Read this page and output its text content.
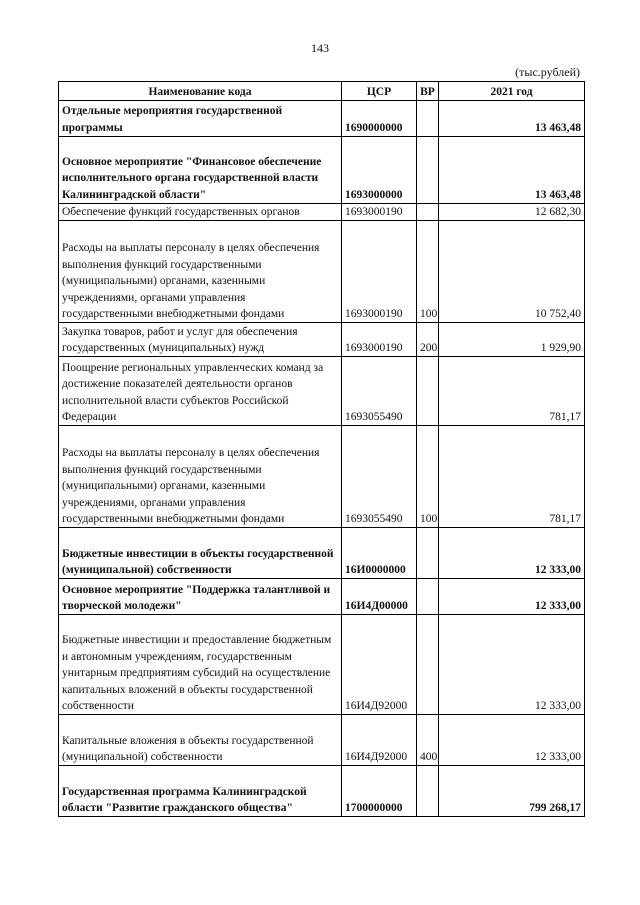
143
(тыс.рублей)
Наименование кода	ЦСР	ВР	2021 год
Отдельные мероприятия государственной программы	1690000000		13 463,48
Основное мероприятие "Финансовое обеспечение исполнительного органа государственной власти Калининградской области"	1693000000		13 463,48
Обеспечение функций государственных органов	1693000190		12 682,30
Расходы на выплаты персоналу в целях обеспечения выполнения функций государственными (муниципальными) органами, казенными учреждениями, органами управления государственными внебюджетными фондами	1693000190	100	10 752,40
Закупка товаров, работ и услуг для обеспечения государственных (муниципальных) нужд	1693000190	200	1 929,90
Поощрение региональных управленческих команд за достижение показателей деятельности органов исполнительной власти субъектов Российской Федерации	1693055490		781,17
Расходы на выплаты персоналу в целях обеспечения выполнения функций государственными (муниципальными) органами, казенными учреждениями, органами управления государственными внебюджетными фондами	1693055490	100	781,17
Бюджетные инвестиции в объекты государственной (муниципальной) собственности	16И0000000		12 333,00
Основное мероприятие "Поддержка талантливой и творческой молодежи"	16И4Д00000		12 333,00
Бюджетные инвестиции и предоставление бюджетным и автономным учреждениям, государственным унитарным предприятиям субсидий на осуществление капитальных вложений в объекты государственной собственности	16И4Д92000		12 333,00
Капитальные вложения в объекты государственной (муниципальной) собственности	16И4Д92000	400	12 333,00
Государственная программа Калининградской области "Развитие гражданского общества"	1700000000		799 268,17
